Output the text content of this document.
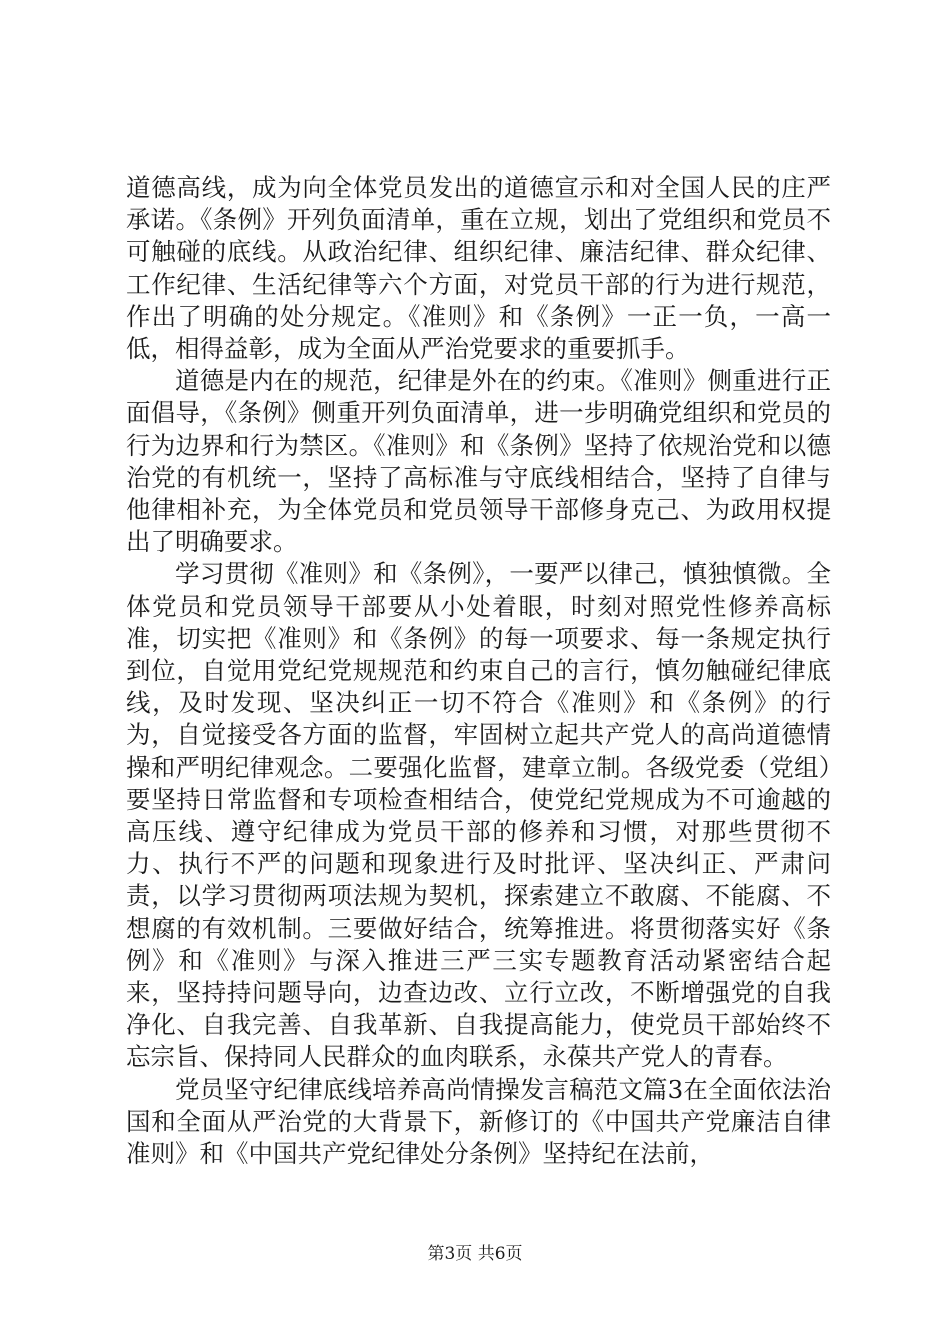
道德高线，成为向全体党员发出的道德宣示和对全国人民的庄严承诺。《条例》开列负面清单，重在立规，划出了党组织和党员不可触碰的底线。从政治纪律、组织纪律、廉洁纪律、群众纪律、工作纪律、生活纪律等六个方面，对党员干部的行为进行规范，作出了明确的处分规定。《准则》和《条例》一正一负，一高一低，相得益彰，成为全面从严治党要求的重要抓手。

道德是内在的规范，纪律是外在的约束。《准则》侧重进行正面倡导，《条例》侧重开列负面清单，进一步明确党组织和党员的行为边界和行为禁区。《准则》和《条例》坚持了依规治党和以德治党的有机统一，坚持了高标准与守底线相结合，坚持了自律与他律相补充，为全体党员和党员领导干部修身克己、为政用权提出了明确要求。

学习贯彻《准则》和《条例》，一要严以律己，慎独慎微。全体党员和党员领导干部要从小处着眼，时刻对照党性修养高标准，切实把《准则》和《条例》的每一项要求、每一条规定执行到位，自觉用党纪党规规范和约束自己的言行，慎勿触碰纪律底线，及时发现、坚决纠正一切不符合《准则》和《条例》的行为，自觉接受各方面的监督，牢固树立起共产党人的高尚道德情操和严明纪律观念。二要强化监督，建章立制。各级党委（党组）要坚持日常监督和专项检查相结合，使党纪党规成为不可逾越的高压线、遵守纪律成为党员干部的修养和习惯，对那些贯彻不力、执行不严的问题和现象进行及时批评、坚决纠正、严肃问责，以学习贯彻两项法规为契机，探索建立不敢腐、不能腐、不想腐的有效机制。三要做好结合，统筹推进。将贯彻落实好《条例》和《准则》与深入推进三严三实专题教育活动紧密结合起来，坚持持问题导向，边查边改、立行立改，不断增强党的自我净化、自我完善、自我革新、自我提高能力，使党员干部始终不忘宗旨、保持同人民群众的血肉联系，永葆共产党人的青春。

党员坚守纪律底线培养高尚情操发言稿范文篇3在全面依法治国和全面从严治党的大背景下，新修订的《中国共产党廉洁自律准则》和《中国共产党纪律处分条例》坚持纪在法前，

第3页 共6页
